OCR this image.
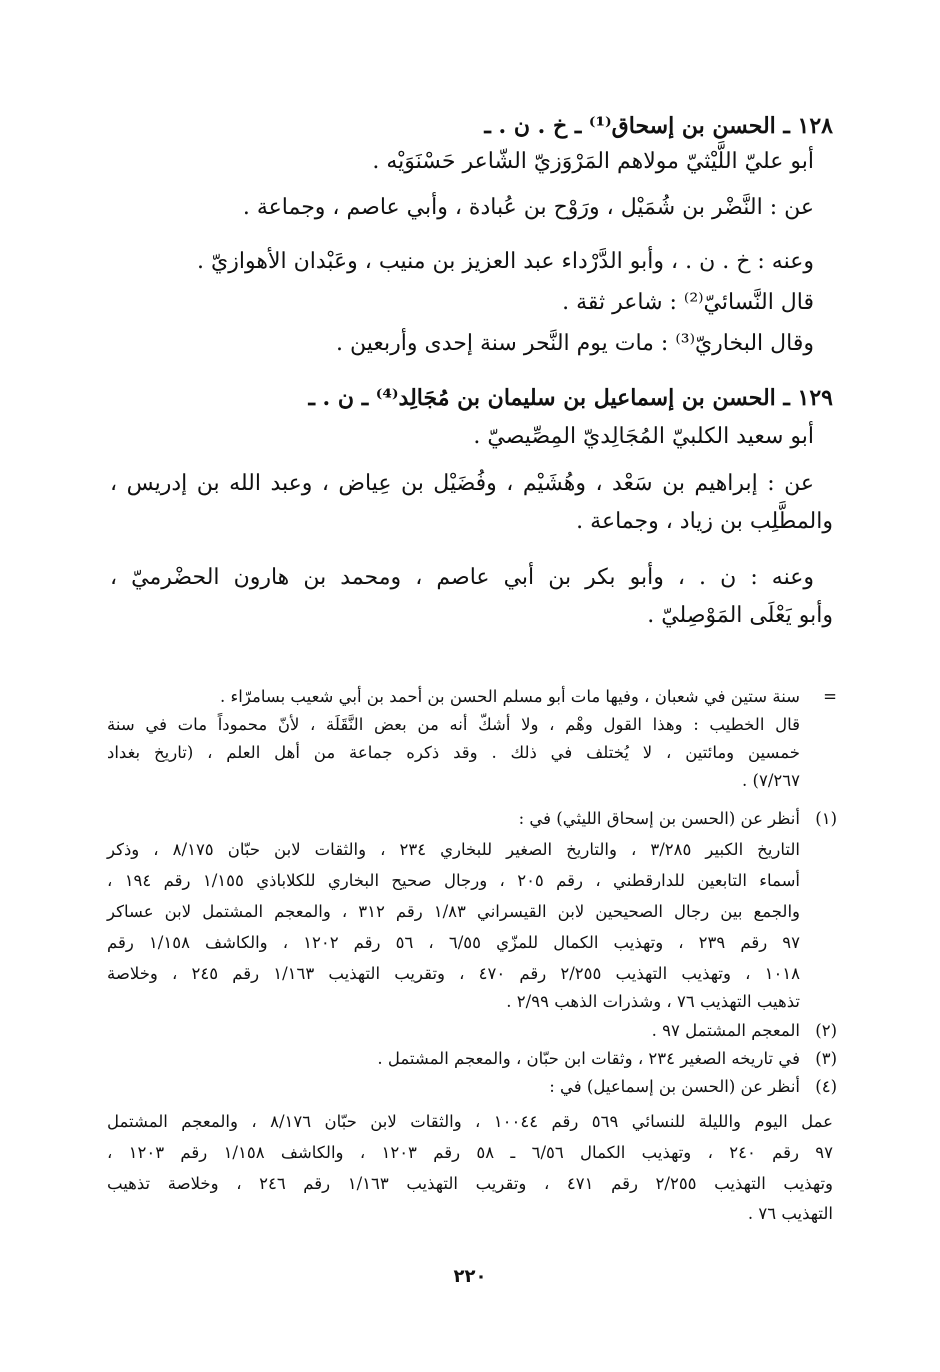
١٢٨ ـ الحسن بن إسحاق⁽¹⁾ ـ خ . ن . ـ
أبو عليّ اللَّيْثيّ مولاهم المَرْوَزيّ الشّاعر حَسْنَوَيْه .
عن : النَّضْر بن شُمَيْل ، ورَوْح بن عُبادة ، وأبي عاصم ، وجماعة .
وعنه : خ . ن . ، وأبو الدَّرْداء عبد العزيز بن منيب ، وعَبْدان الأهوازيّ .
قال النَّسائيّ⁽²⁾ : شاعر ثقة .
وقال البخاريّ⁽³⁾ : مات يوم النَّحر سنة إحدى وأربعين .
١٢٩ ـ الحسن بن إسماعيل بن سليمان بن مُجَالِد⁽⁴⁾ ـ ن . ـ
أبو سعيد الكلبيّ المُجَالِديّ المِصِّيصيّ .
عن : إبراهيم بن سَعْد ، وهُشَيْم ، وفُضَيْل بن عِياض ، وعبد الله بن إدريس ،
والمطَّلِب بن زياد ، وجماعة .
وعنه : ن . ، وأبو بكر بن أبي عاصم ، ومحمد بن هارون الحضْرميّ ،
وأبو يَعْلَى المَوْصِليّ .
=
سنة ستين في شعبان ، وفيها مات أبو مسلم الحسن بن أحمد بن أبي شعيب بسامرّاء .
قال الخطيب : وهذا القول وهْم ، ولا أشكّ أنه من بعض النَّقَلَة ، لأنّ محموداً مات في سنة
خمسين ومائتين ، لا يُختلف في ذلك . وقد ذكره جماعة من أهل العلم ، (تاريخ بغداد
٧/٢٦٧) .
(١)
أنظر عن (الحسن بن إسحاق الليثي) في :
التاريخ الكبير ٣/٢٨٥ ، والتاريخ الصغير للبخاري ٢٣٤ ، والثقات لابن حبّان ٨/١٧٥ ، وذكر
أسماء التابعين للدارقطني ، رقم ٢٠٥ ، ورجال صحيح البخاري للكلاباذي ١/١٥٥ رقم ١٩٤ ،
والجمع بين رجال الصحيحين لابن القيسراني ١/٨٣ رقم ٣١٢ ، والمعجم المشتمل لابن عساكر
٩٧ رقم ٢٣٩ ، وتهذيب الكمال للمزّي ٦/٥٥ ، ٥٦ رقم ١٢٠٢ ، والكاشف ١/١٥٨ رقم
١٠١٨ ، وتهذيب التهذيب ٢/٢٥٥ رقم ٤٧٠ ، وتقريب التهذيب ١/١٦٣ رقم ٢٤٥ ، وخلاصة
تذهيب التهذيب ٧٦ ، وشذرات الذهب ٢/٩٩ .
(٢)
المعجم المشتمل ٩٧ .
(٣)
في تاريخه الصغير ٢٣٤ ، وثقات ابن حبّان ، والمعجم المشتمل .
(٤)
أنظر عن (الحسن بن إسماعيل) في :
عمل اليوم والليلة للنسائي ٥٦٩ رقم ١٠٠٤٤ ، والثقات لابن حبّان ٨/١٧٦ ، والمعجم المشتمل
٩٧ رقم ٢٤٠ ، وتهذيب الكمال ٦/٥٦ ـ ٥٨ رقم ١٢٠٣ ، والكاشف ١/١٥٨ رقم ١٢٠٣ ،
وتهذيب التهذيب ٢/٢٥٥ رقم ٤٧١ ، وتقريب التهذيب ١/١٦٣ رقم ٢٤٦ ، وخلاصة تذهيب
التهذيب ٧٦ .
٢٢٠
